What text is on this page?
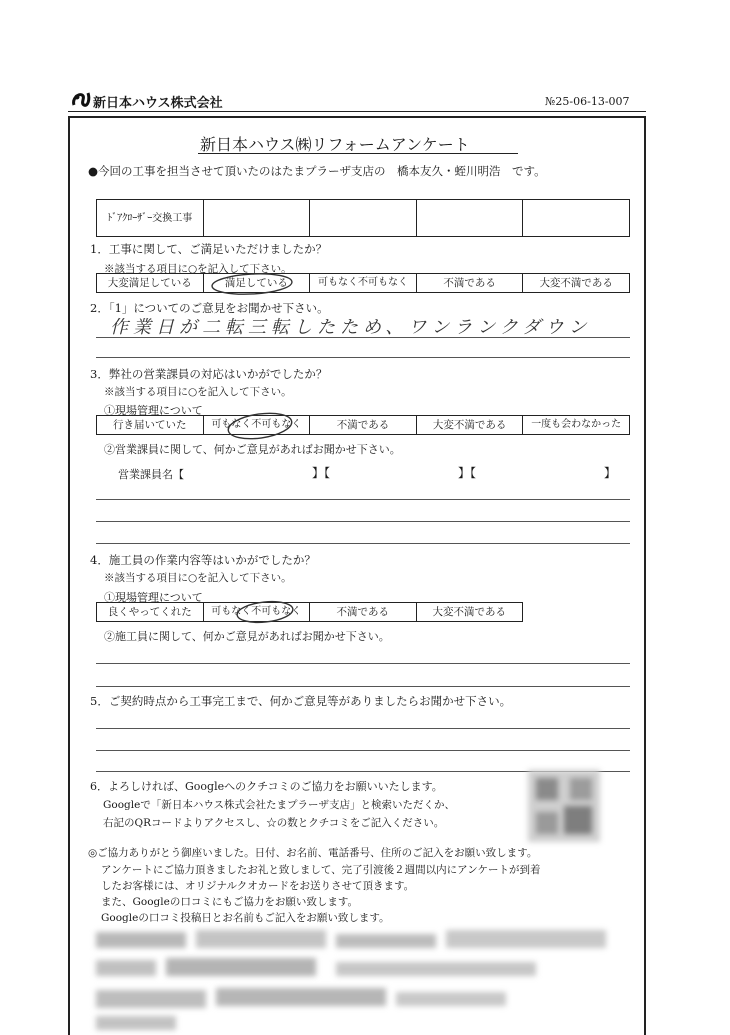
新日本ハウス株式会社	№25-06-13-007
新日本ハウス㈱リフォームアンケート
●今回の工事を担当させて頂いたのはたまプラーザ支店の　橋本友久・蛭川明浩　です。
ﾄﾞｱｸﾛｰｻﾞｰ交換工事				
1．工事に関して、ご満足いただけましたか？
※該当する項目に○を記入して下さい。
大変満足している	満足している	可もなく不可もなく	不満である	大変不満である
2．「1」についてのご意見をお聞かせ下さい。
作業日が二転三転したため、ワンランクダウン
3．弊社の営業課員の対応はいかがでしたか？
※該当する項目に○を記入して下さい。
①現場管理について
行き届いていた	可もなく不可もなく	不満である	大変不満である	一度も会わなかった
②営業課員に関して、何かご意見があればお聞かせ下さい。
営業課員名【	】【	】【	】
4．施工員の作業内容等はいかがでしたか？
※該当する項目に○を記入して下さい。
①現場管理について
良くやってくれた	可もなく不可もなく	不満である	大変不満である
②施工員に関して、何かご意見があればお聞かせ下さい。
5．ご契約時点から工事完工まで、何かご意見等がありましたらお聞かせ下さい。
6．よろしければ、Googleへのクチコミのご協力をお願いいたします。
Googleで「新日本ハウス株式会社たまプラーザ支店」と検索いただくか、
右記のQRコードよりアクセスし、☆の数とクチコミをご記入ください。
◎ご協力ありがとう御座いました。日付、お名前、電話番号、住所のご記入をお願い致します。
アンケートにご協力頂きましたお礼と致しまして、完了引渡後２週間以内にアンケートが到着
したお客様には、オリジナルクオカードをお送りさせて頂きます。
また、Googleの口コミにもご協力をお願い致します。
Googleの口コミ投稿日とお名前もご記入をお願い致します。
